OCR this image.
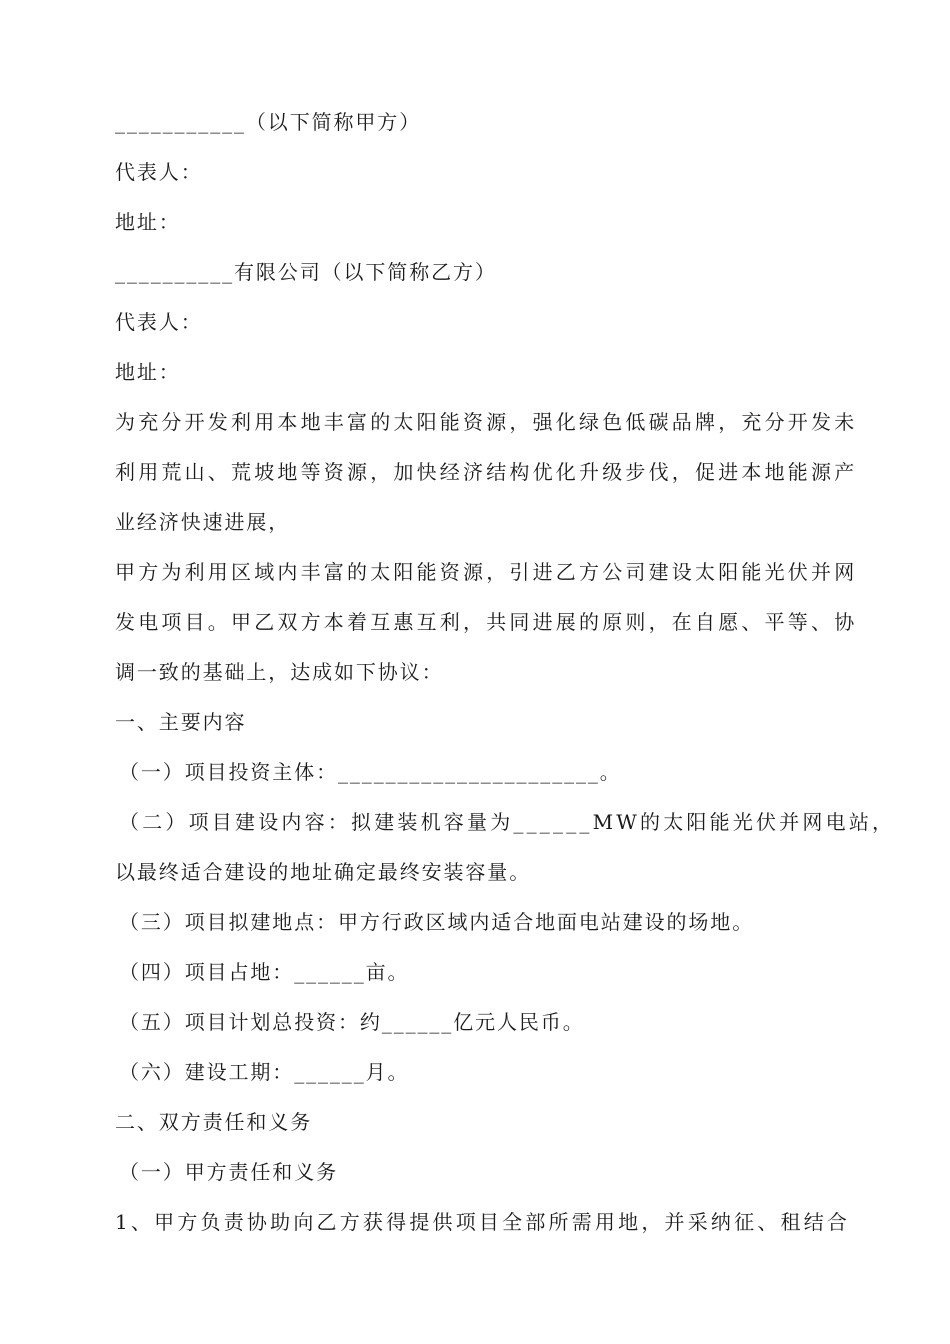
___________（以下简称甲方）
代表人：
地址：
__________有限公司（以下简称乙方）
代表人：
地址：
为充分开发利用本地丰富的太阳能资源，强化绿色低碳品牌，充分开发未
利用荒山、荒坡地等资源，加快经济结构优化升级步伐，促进本地能源产
业经济快速进展，
甲方为利用区域内丰富的太阳能资源，引进乙方公司建设太阳能光伏并网
发电项目。甲乙双方本着互惠互利，共同进展的原则，在自愿、平等、协
调一致的基础上，达成如下协议：
一、主要内容
（一）项目投资主体：______________________。
（二）项目建设内容：拟建装机容量为______MW的太阳能光伏并网电站，
以最终适合建设的地址确定最终安装容量。
（三）项目拟建地点：甲方行政区域内适合地面电站建设的场地。
（四）项目占地：______亩。
（五）项目计划总投资：约______亿元人民币。
（六）建设工期：______月。
二、双方责任和义务
（一）甲方责任和义务
1、甲方负责协助向乙方获得提供项目全部所需用地，并采纳征、租结合
